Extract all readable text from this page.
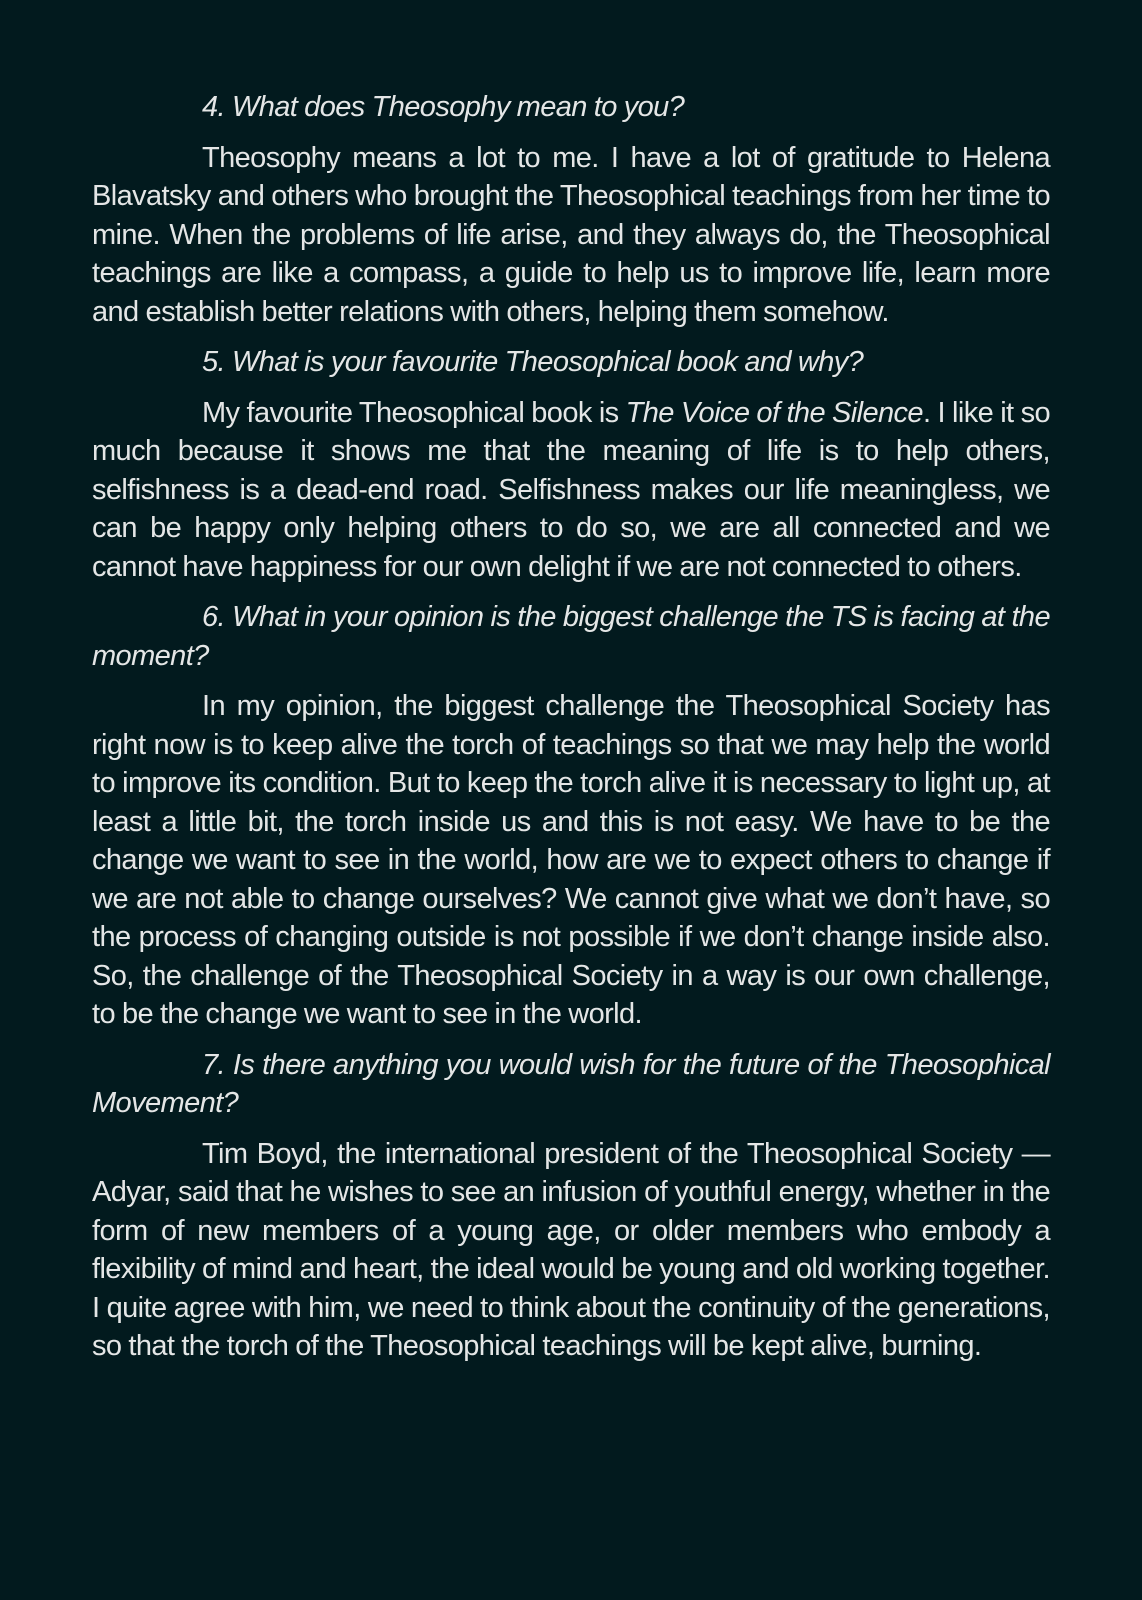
4. What does Theosophy mean to you?

Theosophy means a lot to me. I have a lot of gratitude to Helena Blavatsky and others who brought the Theosophical teachings from her time to mine. When the problems of life arise, and they always do, the Theosophical teachings are like a compass, a guide to help us to improve life, learn more and establish better relations with others, helping them somehow.

5. What is your favourite Theosophical book and why?

My favourite Theosophical book is The Voice of the Silence. I like it so much because it shows me that the meaning of life is to help others, selfishness is a dead-end road. Selfishness makes our life meaningless, we can be happy only helping others to do so, we are all connected and we cannot have happiness for our own delight if we are not connected to others.

6. What in your opinion is the biggest challenge the TS is facing at the moment?

In my opinion, the biggest challenge the Theosophical Society has right now is to keep alive the torch of teachings so that we may help the world to improve its condition. But to keep the torch alive it is necessary to light up, at least a little bit, the torch inside us and this is not easy. We have to be the change we want to see in the world, how are we to expect others to change if we are not able to change ourselves? We cannot give what we don’t have, so the process of changing outside is not possible if we don’t change inside also. So, the challenge of the Theosophical Society in a way is our own challenge, to be the change we want to see in the world.

7. Is there anything you would wish for the future of the Theosophical Movement?

Tim Boyd, the international president of the Theosophical Society — Adyar, said that he wishes to see an infusion of youthful energy, whether in the form of new members of a young age, or older members who embody a flexibility of mind and heart, the ideal would be young and old working together. I quite agree with him, we need to think about the continuity of the generations, so that the torch of the Theosophical teachings will be kept alive, burning.
